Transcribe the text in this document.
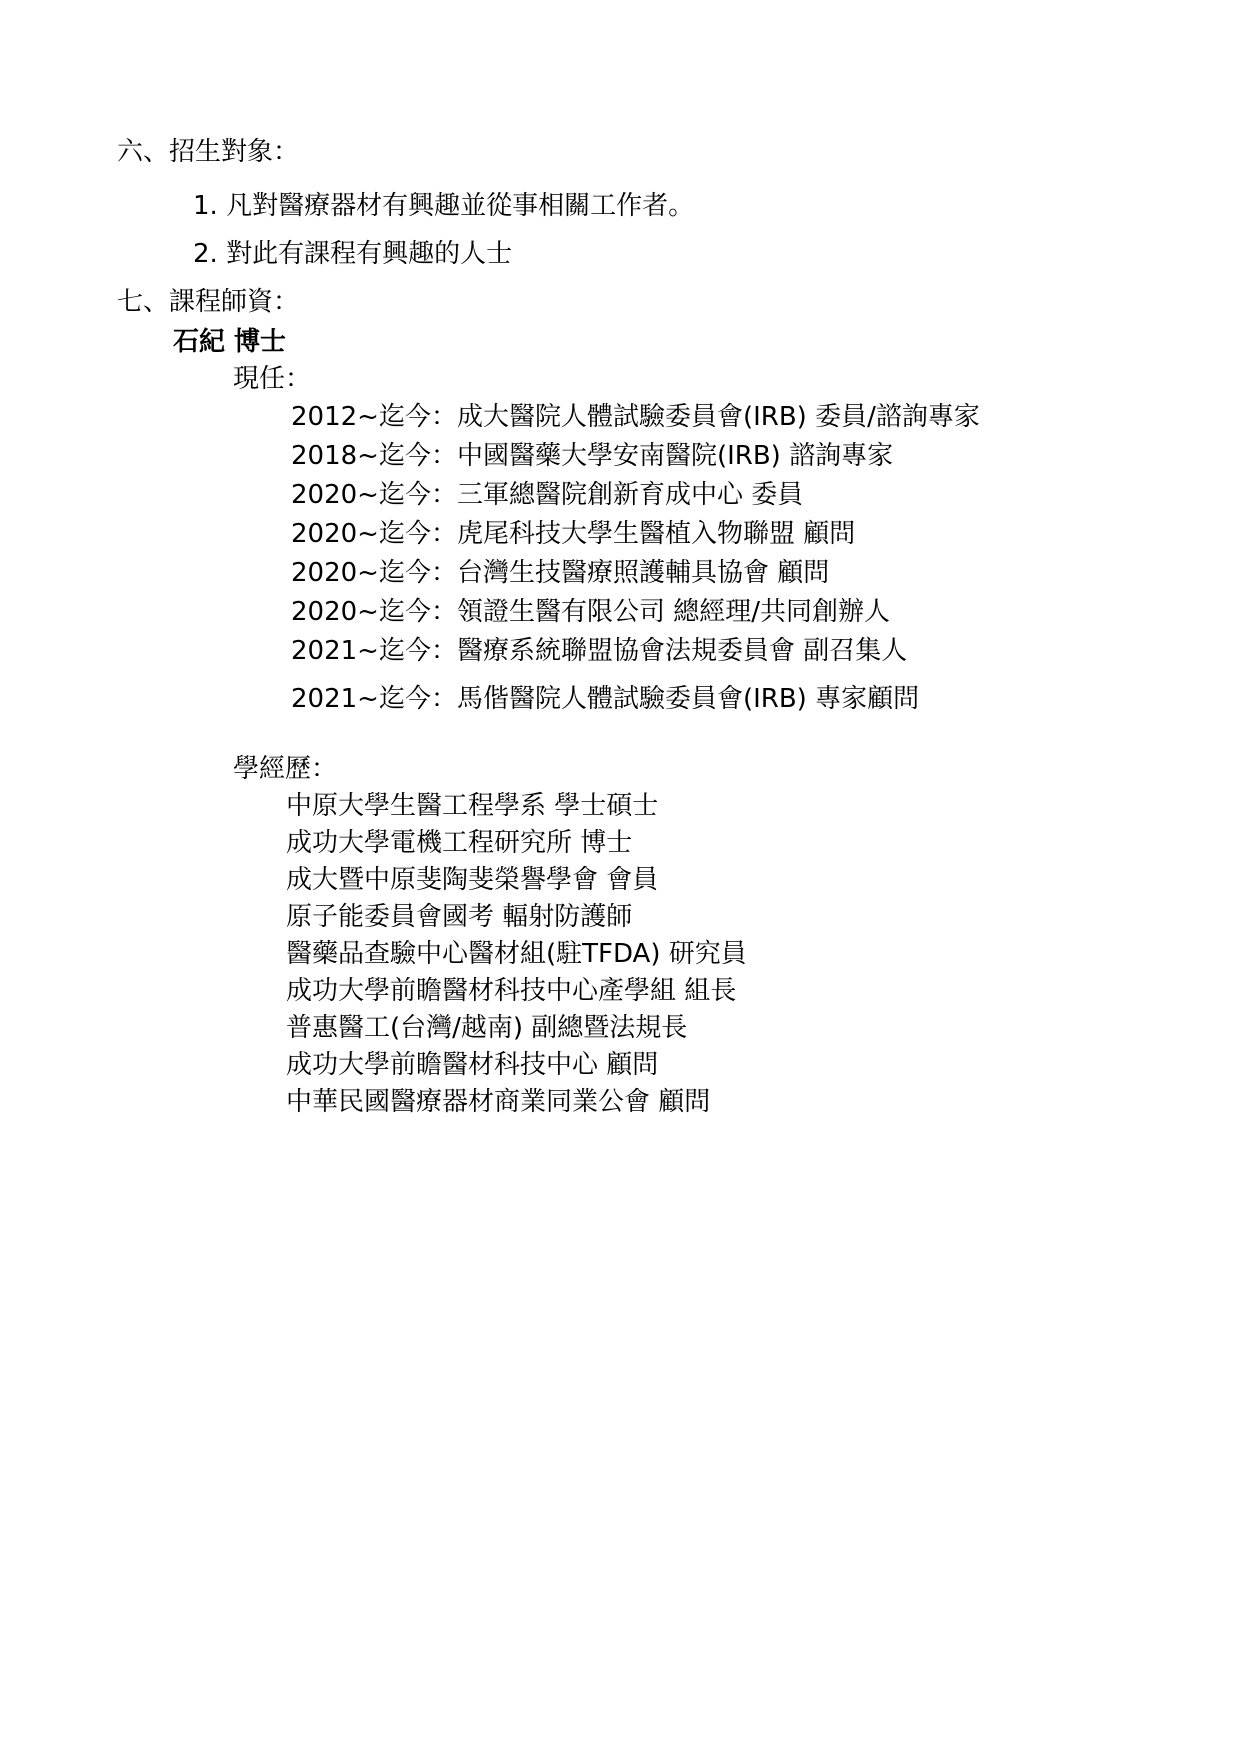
六、招生對象：
1. 凡對醫療器材有興趣並從事相關工作者。
2. 對此有課程有興趣的人士
七、課程師資：
石紀 博士
現任：
2012~迄今：成大醫院人體試驗委員會(IRB) 委員/諮詢專家
2018~迄今：中國醫藥大學安南醫院(IRB) 諮詢專家
2020~迄今：三軍總醫院創新育成中心 委員
2020~迄今：虎尾科技大學生醫植入物聯盟 顧問
2020~迄今：台灣生技醫療照護輔具協會 顧問
2020~迄今：領證生醫有限公司 總經理/共同創辦人
2021~迄今：醫療系統聯盟協會法規委員會 副召集人
2021~迄今：馬偕醫院人體試驗委員會(IRB) 專家顧問
學經歷：
中原大學生醫工程學系 學士碩士
成功大學電機工程研究所 博士
成大暨中原斐陶斐榮譽學會 會員
原子能委員會國考 輻射防護師
醫藥品查驗中心醫材組(駐TFDA) 研究員
成功大學前瞻醫材科技中心產學組 組長
普惠醫工(台灣/越南) 副總暨法規長
成功大學前瞻醫材科技中心 顧問
中華民國醫療器材商業同業公會 顧問
